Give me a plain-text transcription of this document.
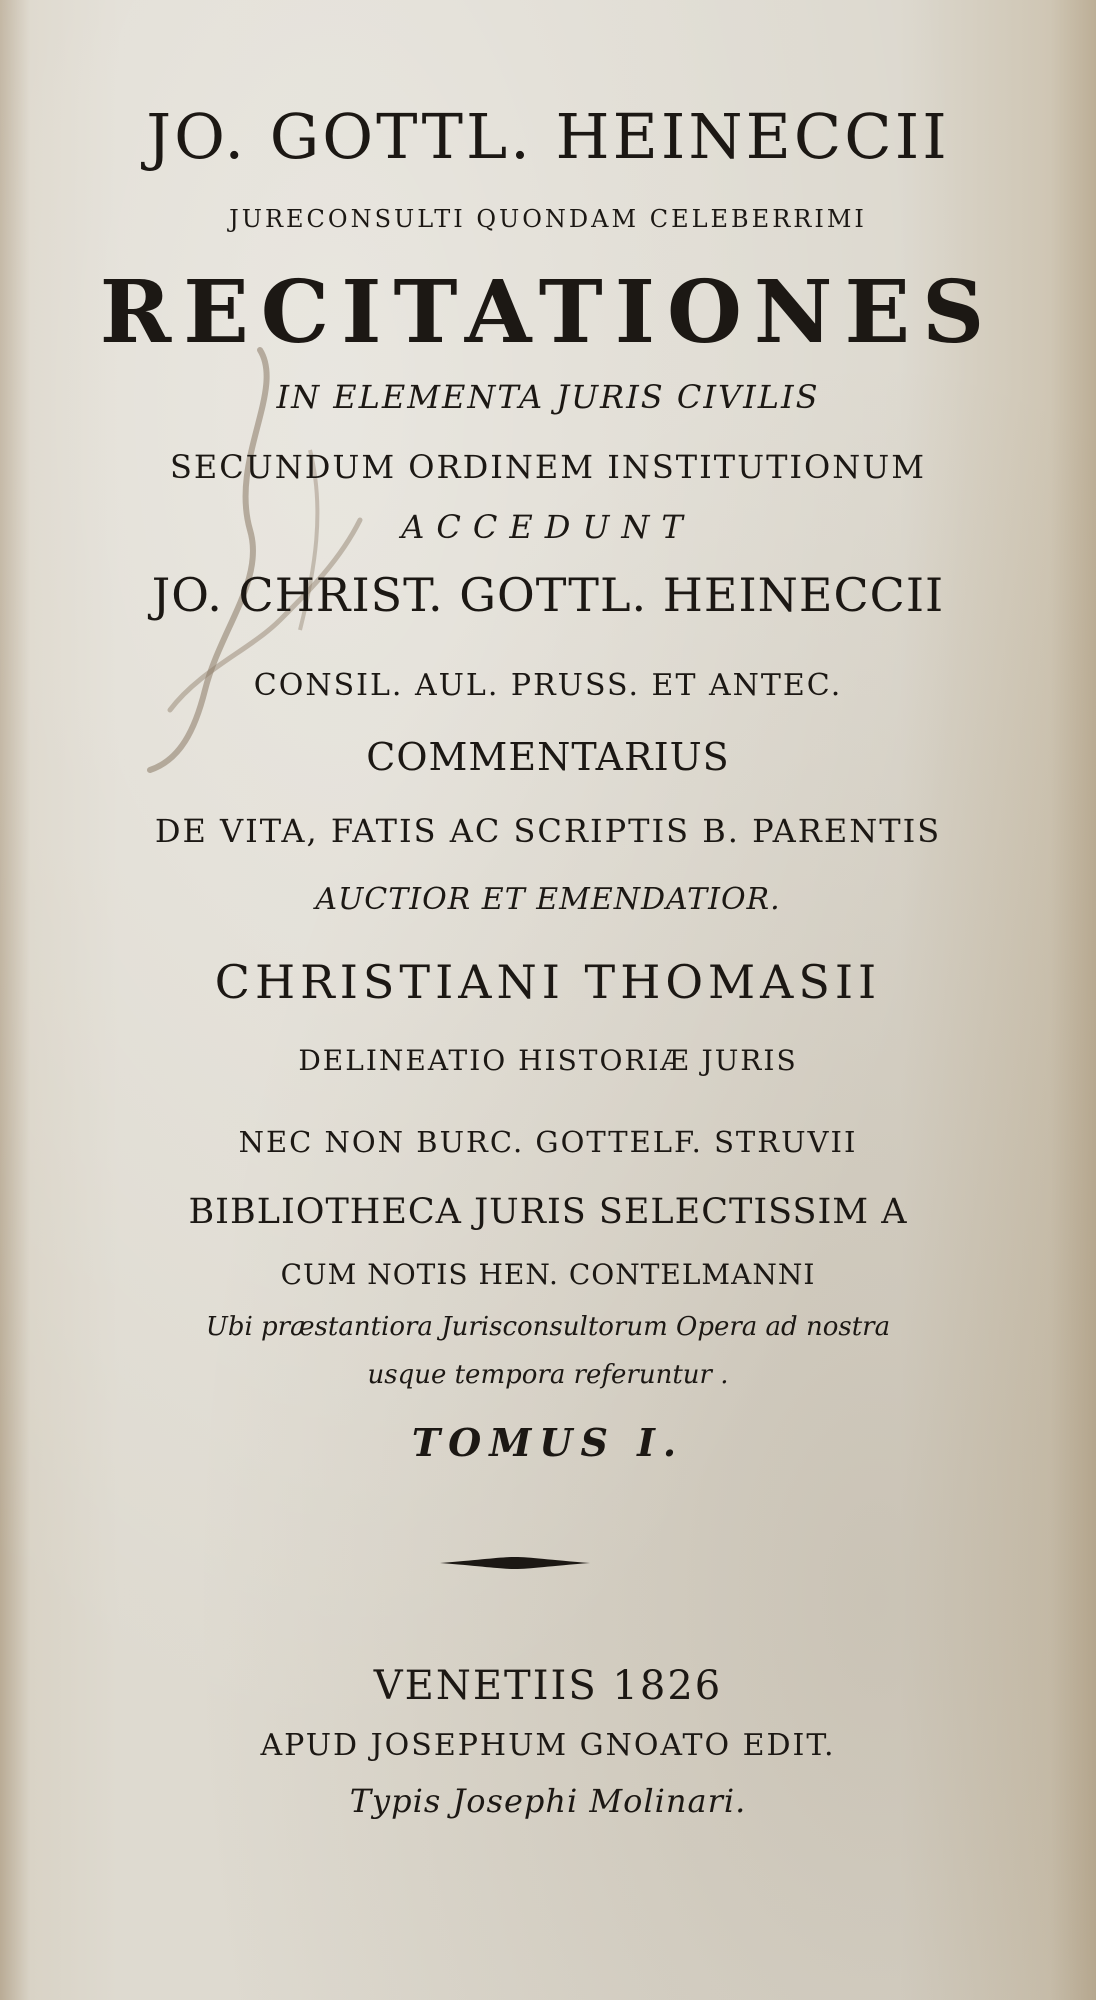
JO. GOTTL. HEINECCII
JURECONSULTI QUONDAM CELEBERRIMI
RECITATIONES
IN ELEMENTA JURIS CIVILIS
SECUNDUM ORDINEM INSTITUTIONUM
ACCEDUNT
JO. CHRIST. GOTTL. HEINECCII
CONSIL. AUL. PRUSS. ET ANTEC.
COMMENTARIUS
DE VITA, FATIS AC SCRIPTIS B. PARENTIS
AUCTIOR ET EMENDATIOR.
CHRISTIANI THOMASII
DELINEATIO HISTORIÆ JURIS
NEC NON BURC. GOTTELF. STRUVII
BIBLIOTHECA JURIS SELECTISSIM A
CUM NOTIS HEN. CONTELMANNI
Ubi præstantiora Jurisconsultorum Opera ad nostra
usque tempora referuntur .
TOMUS I.
VENETIIS 1826
APUD JOSEPHUM GNOATO EDIT.
Typis Josephi Molinari.
